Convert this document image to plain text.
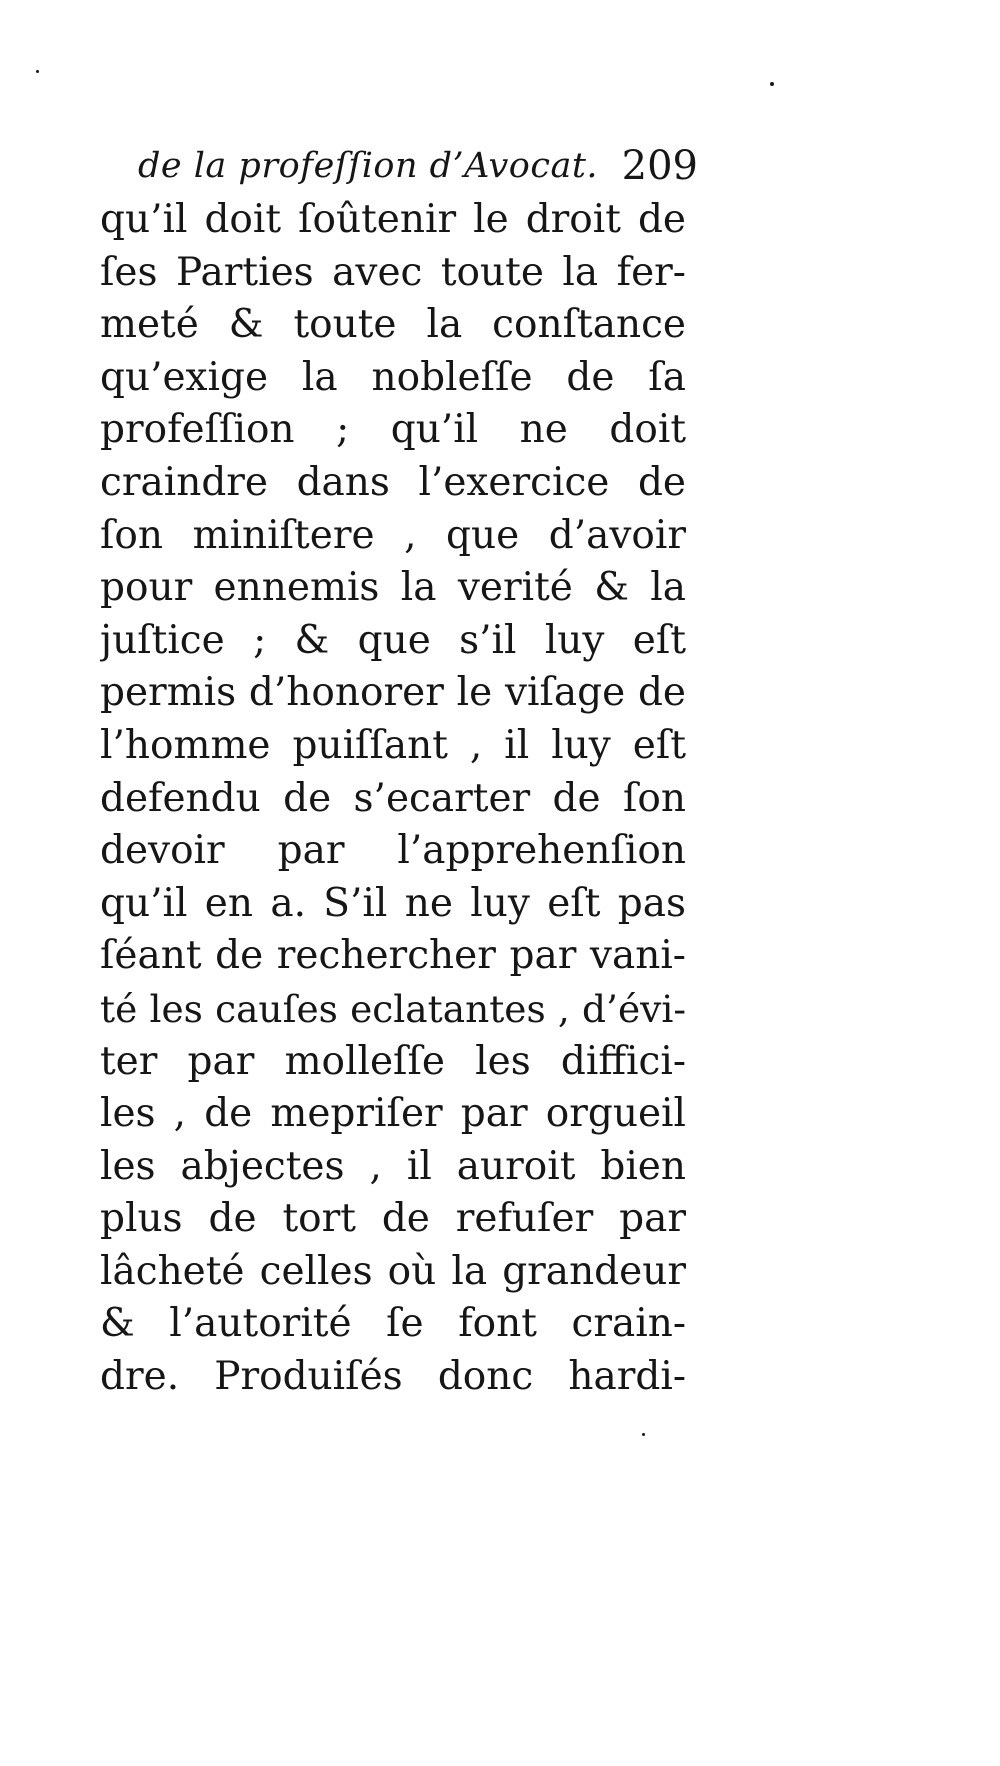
de la profeſſion d’Avocat. 209
qu’il doit ſoûtenir le droit de
ſes Parties avec toute la fer-
meté & toute la conſtance
qu’exige la nobleſſe de ſa
profeſſion ; qu’il ne doit
craindre dans l’exercice de
ſon miniſtere , que d’avoir
pour ennemis la verité & la
juſtice ; & que s’il luy eſt
permis d’honorer le viſage de
l’homme puiſſant , il luy eſt
defendu de s’ecarter de ſon
devoir par l’apprehenſion
qu’il en a. S’il ne luy eſt pas
ſéant de rechercher par vani-
té les cauſes eclatantes , d’évi-
ter par molleſſe les diffici-
les , de mepriſer par orgueil
les abjectes , il auroit bien
plus de tort de refuſer par
lâcheté celles où la grandeur
& l’autorité ſe font crain-
dre. Produiſés donc hardi-
